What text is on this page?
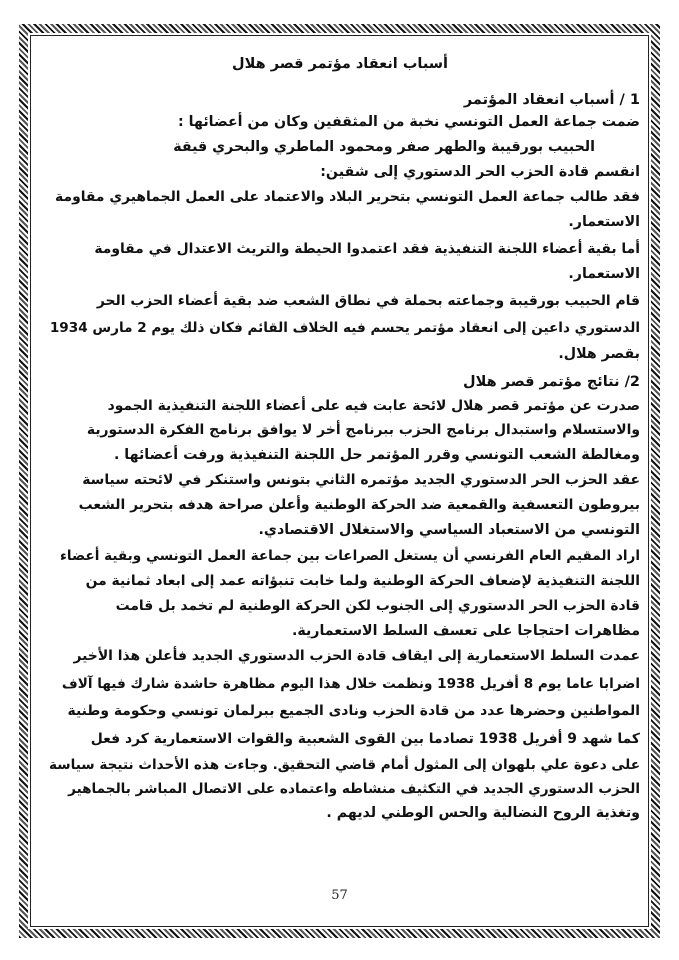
أسباب انعقاد مؤتمر قصر هلال
1 / أسباب انعقاد المؤتمر
ضمت جماعة العمل التونسي نخبة من المثقفين وكان من أعضائها :
الحبيب بورقيبة والطهر صفر ومحمود الماطري والبحري قيقة
انقسم قادة الحزب الحر الدستوري إلى شقين:
فقد طالب جماعة العمل التونسي بتحرير البلاد والاعتماد على العمل الجماهيري مقاومة
الاستعمار.
أما بقية أعضاء اللجنة التنفيذية فقد اعتمدوا الحيطة والتريث الاعتدال في مقاومة
الاستعمار.
قام الحبيب بورقيبة وجماعته بحملة في نطاق الشعب ضد بقية أعضاء الحزب الحر
الدستوري داعين إلى انعقاد مؤتمر يحسم فيه الخلاف القائم فكان ذلك يوم 2 مارس 1934
بقصر هلال.
2/ نتائج مؤتمر قصر هلال
صدرت عن مؤتمر قصر هلال لائحة عابت فيه على أعضاء اللجنة التنفيذية الجمود
والاستسلام واستبدال برنامج الحزب ببرنامج أخر لا يوافق برنامج الفكرة الدستورية
ومغالطة الشعب التونسي وقرر المؤتمر حل اللجنة التنفيذية ورفت أعضائها .
عقد الحزب الحر الدستوري الجديد مؤتمره الثاني بتونس واستنكر في لائحته سياسة
بيروطون التعسفية والقمعية ضد الحركة الوطنية وأعلن صراحة هدفه بتحرير الشعب
التونسي من الاستعباد السياسي والاستغلال الاقتصادي.
اراد المقيم العام الفرنسي أن يستغل الصراعات بين جماعة العمل التونسي وبقية أعضاء
اللجنة التنفيذية لإضعاف الحركة الوطنية ولما خابت تنبؤاته عمد إلى ابعاد ثمانية من
قادة الحزب الحر الدستوري إلى الجنوب لكن الحركة الوطنية لم تخمد بل قامت
مظاهرات احتجاجا على تعسف السلط الاستعمارية.
عمدت السلط الاستعمارية إلى ايقاف قادة الحزب الدستوري الجديد فأعلن هذا الأخير
اضرابا عاما يوم 8 أفريل 1938 ونظمت خلال هذا اليوم مظاهرة حاشدة شارك فيها آلاف
المواطنين وحضرها عدد من قادة الحزب ونادى الجميع ببرلمان تونسي وحكومة وطنية
كما شهد 9 أفريل 1938 تصادما بين القوى الشعبية والقوات الاستعمارية كرد فعل
على دعوة علي بلهوان إلى المثول أمام قاضي التحقيق. وجاءت هذه الأحداث نتيجة سياسة
الحزب الدستوري الجديد في التكثيف منشاطه واعتماده على الاتصال المباشر بالجماهير
وتغذية الروح النضالية والحس الوطني لديهم .
57
